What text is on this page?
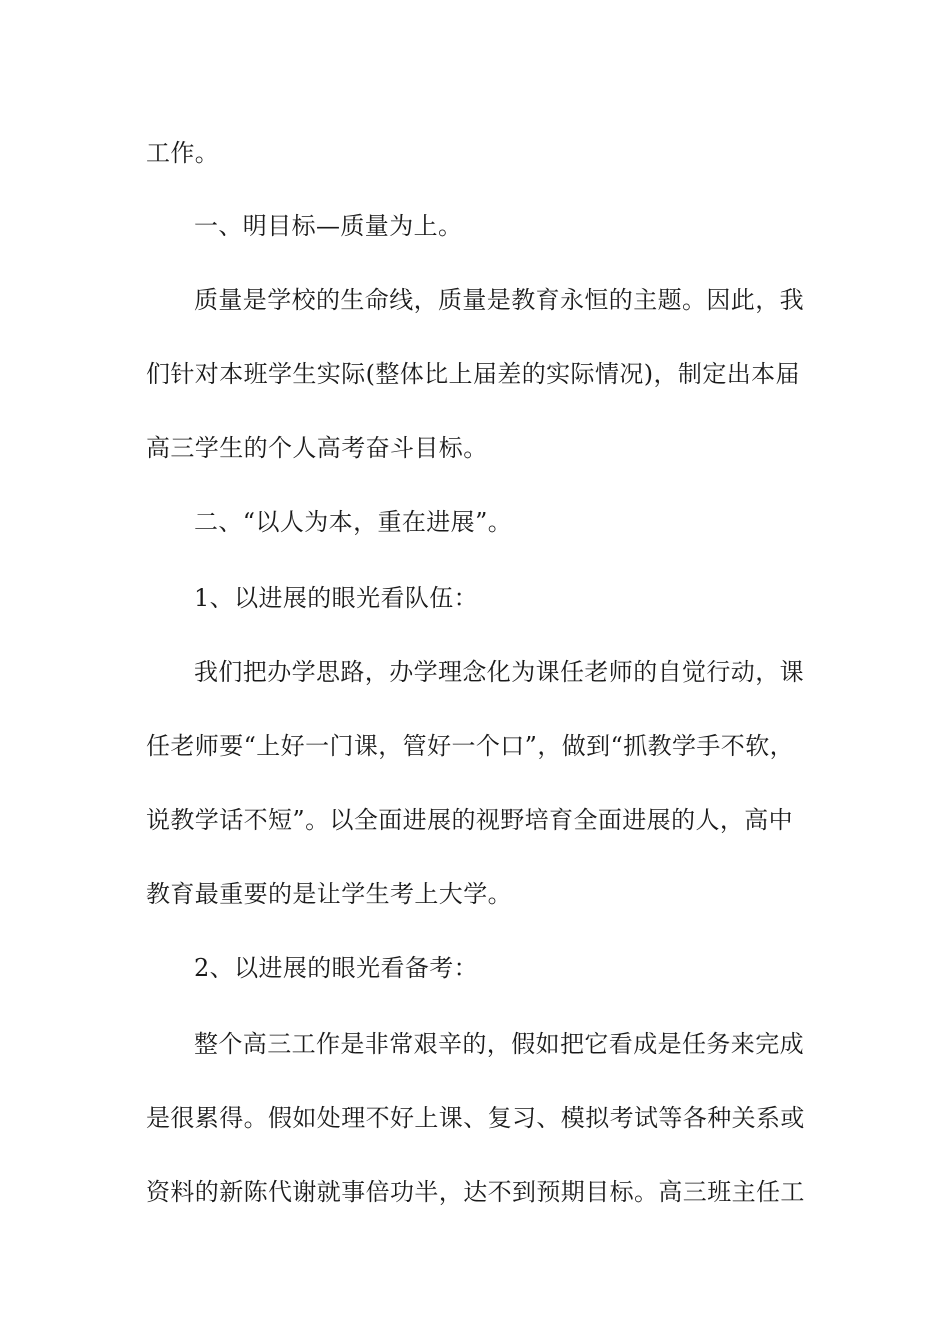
工作。
一、明目标—质量为上。
质量是学校的生命线，质量是教育永恒的主题。因此，我
们针对本班学生实际(整体比上届差的实际情况)，制定出本届
高三学生的个人高考奋斗目标。
二、“以人为本，重在进展”。
1、以进展的眼光看队伍：
我们把办学思路，办学理念化为课任老师的自觉行动，课
任老师要“上好一门课，管好一个口”，做到“抓教学手不软，
说教学话不短”。以全面进展的视野培育全面进展的人，高中
教育最重要的是让学生考上大学。
2、以进展的眼光看备考：
整个高三工作是非常艰辛的，假如把它看成是任务来完成
是很累得。假如处理不好上课、复习、模拟考试等各种关系或
资料的新陈代谢就事倍功半，达不到预期目标。高三班主任工
